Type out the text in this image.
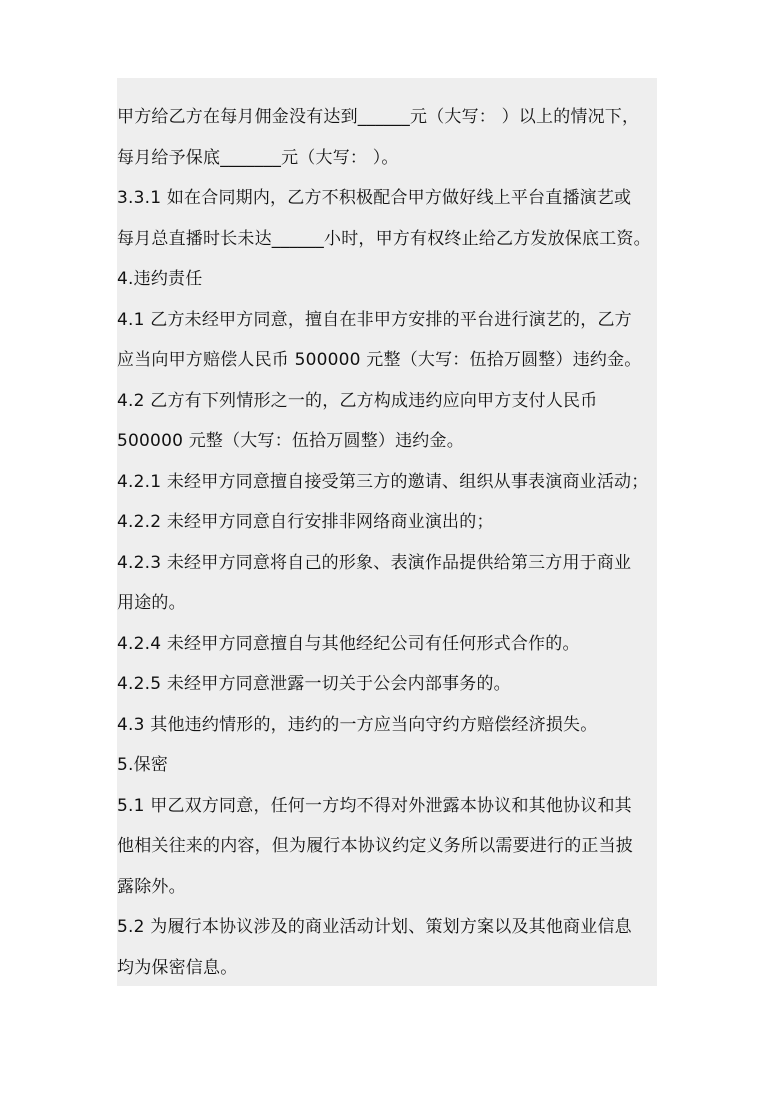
甲方给乙方在每月佣金没有达到______元（大写： ）以上的情况下，

每月给予保底_______元（大写： ）。

3.3.1 如在合同期内，乙方不积极配合甲方做好线上平台直播演艺或

每月总直播时长未达______小时，甲方有权终止给乙方发放保底工资。

4.违约责任

4.1 乙方未经甲方同意，擅自在非甲方安排的平台进行演艺的，乙方

应当向甲方赔偿人民币 500000 元整（大写：伍拾万圆整）违约金。

4.2 乙方有下列情形之一的，乙方构成违约应向甲方支付人民币

500000 元整（大写：伍拾万圆整）违约金。

4.2.1 未经甲方同意擅自接受第三方的邀请、组织从事表演商业活动；

4.2.2 未经甲方同意自行安排非网络商业演出的；

4.2.3 未经甲方同意将自己的形象、表演作品提供给第三方用于商业

用途的。

4.2.4 未经甲方同意擅自与其他经纪公司有任何形式合作的。

4.2.5 未经甲方同意泄露一切关于公会内部事务的。

4.3 其他违约情形的，违约的一方应当向守约方赔偿经济损失。

5.保密

5.1 甲乙双方同意，任何一方均不得对外泄露本协议和其他协议和其

他相关往来的内容，但为履行本协议约定义务所以需要进行的正当披

露除外。

5.2 为履行本协议涉及的商业活动计划、策划方案以及其他商业信息

均为保密信息。
